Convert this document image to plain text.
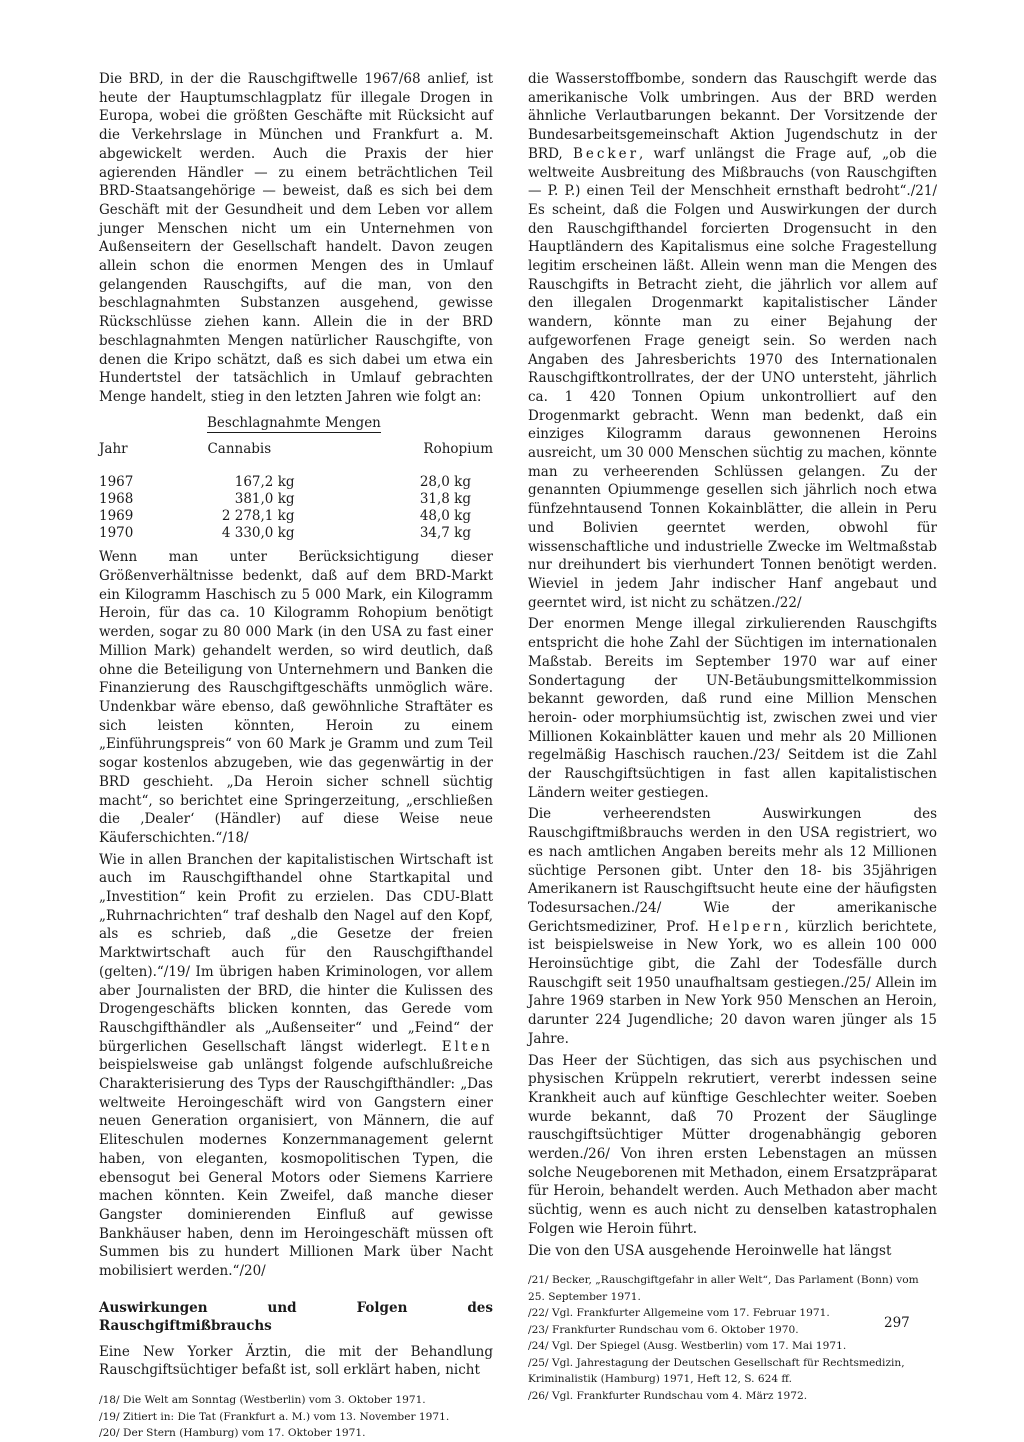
Die BRD, in der die Rauschgiftwelle 1967/68 anlief, ist heute der Hauptumschlagplatz für illegale Drogen in Europa, wobei die größten Geschäfte mit Rücksicht auf die Verkehrslage in München und Frankfurt a. M. abgewickelt werden. Auch die Praxis der hier agierenden Händler — zu einem beträchtlichen Teil BRD-Staatsangehörige — beweist, daß es sich bei dem Geschäft mit der Gesundheit und dem Leben vor allem junger Menschen nicht um ein Unternehmen von Außenseitern der Gesellschaft handelt. Davon zeugen allein schon die enormen Mengen des in Umlauf gelangenden Rauschgifts, auf die man, von den beschlagnahmten Substanzen ausgehend, gewisse Rückschlüsse ziehen kann. Allein die in der BRD beschlagnahmten Mengen natürlicher Rauschgifte, von denen die Kripo schätzt, daß es sich dabei um etwa ein Hundertstel der tatsächlich in Umlauf gebrachten Menge handelt, stieg in den letzten Jahren wie folgt an:

Beschlagnahmte Mengen
Jahr	Cannabis	Rohopium
1967	167,2 kg	28,0 kg
1968	381,0 kg	31,8 kg
1969	2 278,1 kg	48,0 kg
1970	4 330,0 kg	34,7 kg

Wenn man unter Berücksichtigung dieser Größenverhältnisse bedenkt, daß auf dem BRD-Markt ein Kilogramm Haschisch zu 5 000 Mark, ein Kilogramm Heroin, für das ca. 10 Kilogramm Rohopium benötigt werden, sogar zu 80 000 Mark (in den USA zu fast einer Million Mark) gehandelt werden, so wird deutlich, daß ohne die Beteiligung von Unternehmern und Banken die Finanzierung des Rauschgiftgeschäfts unmöglich wäre. Undenkbar wäre ebenso, daß gewöhnliche Straftäter es sich leisten könnten, Heroin zu einem „Einführungspreis“ von 60 Mark je Gramm und zum Teil sogar kostenlos abzugeben, wie das gegenwärtig in der BRD geschieht. „Da Heroin sicher schnell süchtig macht“, so berichtet eine Springerzeitung, „erschließen die ‚Dealer‘ (Händler) auf diese Weise neue Käuferschichten.“/18/

Wie in allen Branchen der kapitalistischen Wirtschaft ist auch im Rauschgifthandel ohne Startkapital und „Investition“ kein Profit zu erzielen. Das CDU-Blatt „Ruhrnachrichten“ traf deshalb den Nagel auf den Kopf, als es schrieb, daß „die Gesetze der freien Marktwirtschaft auch für den Rauschgifthandel (gelten).“/19/ Im übrigen haben Kriminologen, vor allem aber Journalisten der BRD, die hinter die Kulissen des Drogengeschäfts blicken konnten, das Gerede vom Rauschgifthändler als „Außenseiter“ und „Feind“ der bürgerlichen Gesellschaft längst widerlegt. Elten beispielsweise gab unlängst folgende aufschlußreiche Charakterisierung des Typs der Rauschgifthändler: „Das weltweite Heroingeschäft wird von Gangstern einer neuen Generation organisiert, von Männern, die auf Eliteschulen modernes Konzernmanagement gelernt haben, von eleganten, kosmopolitischen Typen, die ebensogut bei General Motors oder Siemens Karriere machen könnten. Kein Zweifel, daß manche dieser Gangster dominierenden Einfluß auf gewisse Bankhäuser haben, denn im Heroingeschäft müssen oft Summen bis zu hundert Millionen Mark über Nacht mobilisiert werden.“/20/

Auswirkungen und Folgen des Rauschgiftmißbrauchs

Eine New Yorker Ärztin, die mit der Behandlung Rauschgiftsüchtiger befaßt ist, soll erklärt haben, nicht

/18/ Die Welt am Sonntag (Westberlin) vom 3. Oktober 1971.

/19/ Zitiert in: Die Tat (Frankfurt a. M.) vom 13. November 1971.

/20/ Der Stern (Hamburg) vom 17. Oktober 1971.

die Wasserstoffbombe, sondern das Rauschgift werde das amerikanische Volk umbringen. Aus der BRD werden ähnliche Verlautbarungen bekannt. Der Vorsitzende der Bundesarbeitsgemeinschaft Aktion Jugendschutz in der BRD, Becker, warf unlängst die Frage auf, „ob die weltweite Ausbreitung des Mißbrauchs (von Rauschgiften — P. P.) einen Teil der Menschheit ernsthaft bedroht“./21/ Es scheint, daß die Folgen und Auswirkungen der durch den Rauschgifthandel forcierten Drogensucht in den Hauptländern des Kapitalismus eine solche Fragestellung legitim erscheinen läßt. Allein wenn man die Mengen des Rauschgifts in Betracht zieht, die jährlich vor allem auf den illegalen Drogenmarkt kapitalistischer Länder wandern, könnte man zu einer Bejahung der aufgeworfenen Frage geneigt sein. So werden nach Angaben des Jahresberichts 1970 des Internationalen Rauschgiftkontrollrates, der der UNO untersteht, jährlich ca. 1 420 Tonnen Opium unkontrolliert auf den Drogenmarkt gebracht. Wenn man bedenkt, daß ein einziges Kilogramm daraus gewonnenen Heroins ausreicht, um 30 000 Menschen süchtig zu machen, könnte man zu verheerenden Schlüssen gelangen. Zu der genannten Opiummenge gesellen sich jährlich noch etwa fünfzehntausend Tonnen Kokainblätter, die allein in Peru und Bolivien geerntet werden, obwohl für wissenschaftliche und industrielle Zwecke im Weltmaßstab nur dreihundert bis vierhundert Tonnen benötigt werden. Wieviel in jedem Jahr indischer Hanf angebaut und geerntet wird, ist nicht zu schätzen./22/

Der enormen Menge illegal zirkulierenden Rauschgifts entspricht die hohe Zahl der Süchtigen im internationalen Maßstab. Bereits im September 1970 war auf einer Sondertagung der UN-Betäubungsmittelkommission bekannt geworden, daß rund eine Million Menschen heroin- oder morphiumsüchtig ist, zwischen zwei und vier Millionen Kokainblätter kauen und mehr als 20 Millionen regelmäßig Haschisch rauchen./23/ Seitdem ist die Zahl der Rauschgiftsüchtigen in fast allen kapitalistischen Ländern weiter gestiegen.

Die verheerendsten Auswirkungen des Rauschgiftmißbrauchs werden in den USA registriert, wo es nach amtlichen Angaben bereits mehr als 12 Millionen süchtige Personen gibt. Unter den 18- bis 35jährigen Amerikanern ist Rauschgiftsucht heute eine der häufigsten Todesursachen./24/ Wie der amerikanische Gerichtsmediziner, Prof. Helpern, kürzlich berichtete, ist beispielsweise in New York, wo es allein 100 000 Heroinsüchtige gibt, die Zahl der Todesfälle durch Rauschgift seit 1950 unaufhaltsam gestiegen./25/ Allein im Jahre 1969 starben in New York 950 Menschen an Heroin, darunter 224 Jugendliche; 20 davon waren jünger als 15 Jahre.

Das Heer der Süchtigen, das sich aus psychischen und physischen Krüppeln rekrutiert, vererbt indessen seine Krankheit auch auf künftige Geschlechter weiter. Soeben wurde bekannt, daß 70 Prozent der Säuglinge rauschgiftsüchtiger Mütter drogenabhängig geboren werden./26/ Von ihren ersten Lebenstagen an müssen solche Neugeborenen mit Methadon, einem Ersatzpräparat für Heroin, behandelt werden. Auch Methadon aber macht süchtig, wenn es auch nicht zu denselben katastrophalen Folgen wie Heroin führt.

Die von den USA ausgehende Heroinwelle hat längst

/21/ Becker, „Rauschgiftgefahr in aller Welt“, Das Parlament (Bonn) vom 25. September 1971.

/22/ Vgl. Frankfurter Allgemeine vom 17. Februar 1971.

/23/ Frankfurter Rundschau vom 6. Oktober 1970.

/24/ Vgl. Der Spiegel (Ausg. Westberlin) vom 17. Mai 1971.

/25/ Vgl. Jahrestagung der Deutschen Gesellschaft für Rechtsmedizin, Kriminalistik (Hamburg) 1971, Heft 12, S. 624 ff.

/26/ Vgl. Frankfurter Rundschau vom 4. März 1972.

297
